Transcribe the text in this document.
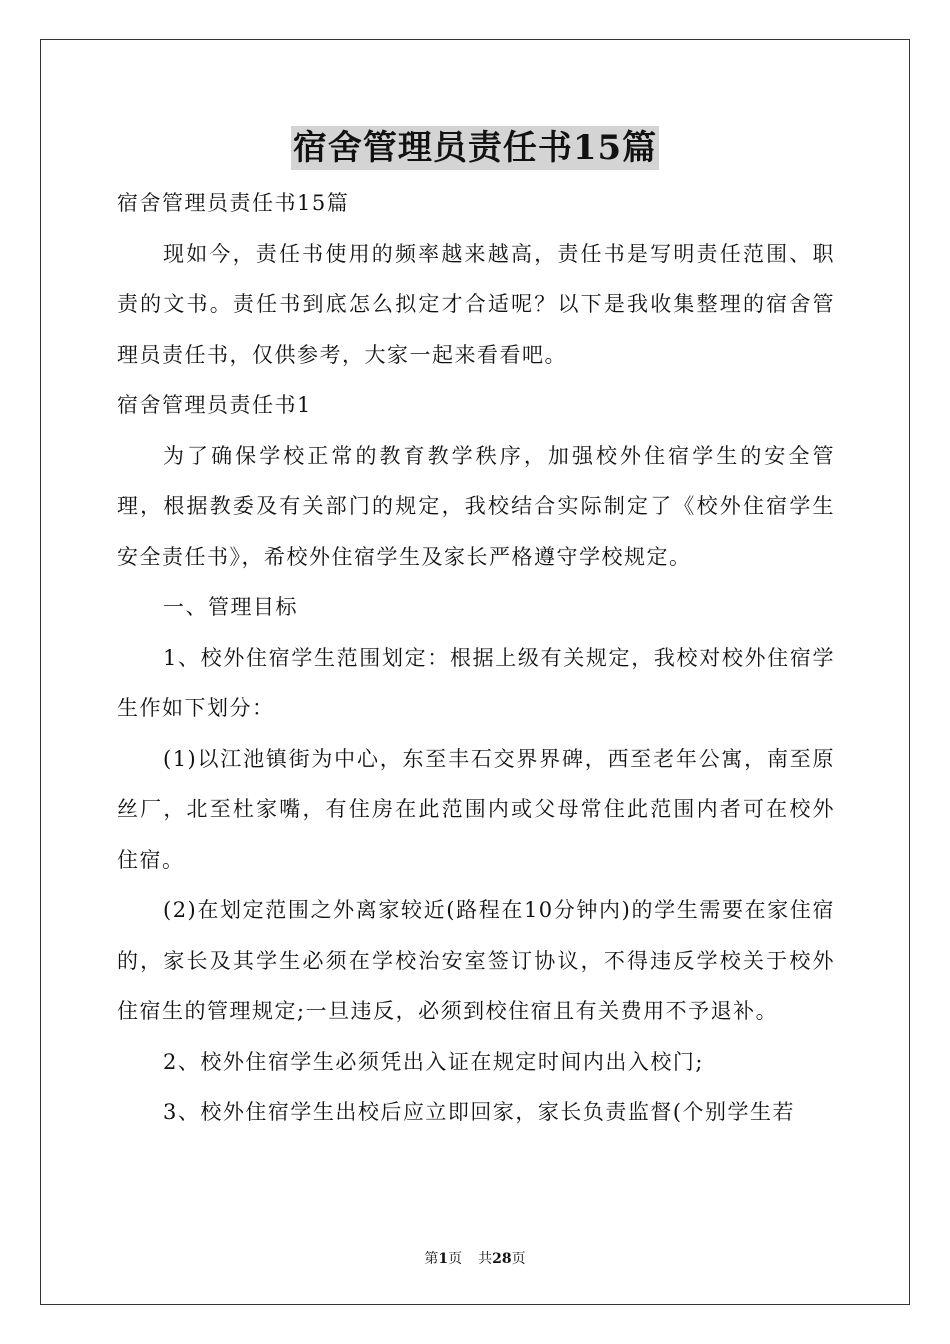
宿舍管理员责任书15篇

宿舍管理员责任书15篇

现如今，责任书使用的频率越来越高，责任书是写明责任范围、职责的文书。责任书到底怎么拟定才合适呢？以下是我收集整理的宿舍管理员责任书，仅供参考，大家一起来看看吧。

宿舍管理员责任书1

为了确保学校正常的教育教学秩序，加强校外住宿学生的安全管理，根据教委及有关部门的规定，我校结合实际制定了《校外住宿学生安全责任书》，希校外住宿学生及家长严格遵守学校规定。

一、管理目标

1、校外住宿学生范围划定：根据上级有关规定，我校对校外住宿学生作如下划分：

(1)以江池镇街为中心，东至丰石交界界碑，西至老年公寓，南至原丝厂，北至杜家嘴，有住房在此范围内或父母常住此范围内者可在校外住宿。

(2)在划定范围之外离家较近(路程在10分钟内)的学生需要在家住宿的，家长及其学生必须在学校治安室签订协议，不得违反学校关于校外住宿生的管理规定;一旦违反，必须到校住宿且有关费用不予退补。

2、校外住宿学生必须凭出入证在规定时间内出入校门;

3、校外住宿学生出校后应立即回家，家长负责监督(个别学生若

第1页 共28页
